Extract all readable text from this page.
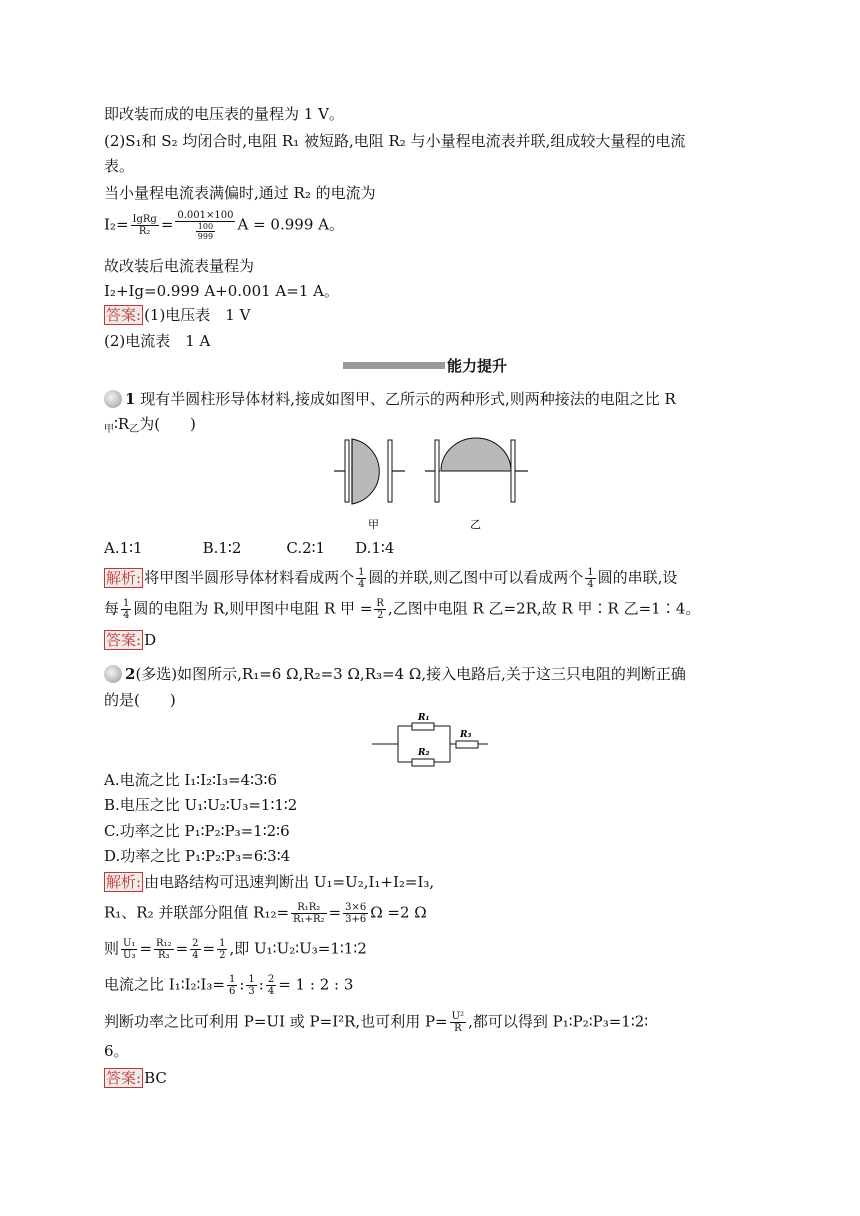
即改装而成的电压表的量程为 1 V。
(2)S₁和 S₂ 均闭合时,电阻 R₁ 被短路,电阻 R₂ 与小量程电流表并联,组成较大量程的电流
表。
当小量程电流表满偏时,通过 R₂ 的电流为
$I_2= \frac{\text{IgRg}}{\text{R₂}} = \frac{0.001\times 100}{\frac{100}{999}}$ A = 0.999 A。
故改装后电流表量程为
I₂+Ig=0.999 A+0.001 A=1 A。
答案: (1)电压表　1 V
(2)电流表　1 A
能力提升
1 现有半圆柱形导体材料,接成如图甲、乙所示的两种形式,则两种接法的电阻之比 R
$_甲∶R_乙$为(　　)
甲	乙
A.1∶1　　　　B.1∶2　　　C.2∶1　　D.1∶4
解析: 将甲图半圆形导体材料看成两个 $\frac{1}{4}$ 圆的并联,则乙图中可以看成两个 $\frac{1}{4}$ 圆的串联,设
每 $\frac{1}{4}$ 圆的电阻为 R,则甲图中电阻 R 甲 = $\frac{R}{2}$ ,乙图中电阻 R 乙=2R,故 R 甲∶R 乙=1∶4。
答案: D
2(多选)如图所示,R₁=6 Ω,R₂=3 Ω,R₃=4 Ω,接入电路后,关于这三只电阻的判断正确
的是(　　)
R₁
R₂
R₃
A.电流之比 I₁∶I₂∶I₃=4∶3∶6
B.电压之比 U₁∶U₂∶U₃=1∶1∶2
C.功率之比 P₁∶P₂∶P₃=1∶2∶6
D.功率之比 P₁∶P₂∶P₃=6∶3∶4
解析: 由电路结构可迅速判断出 U₁=U₂,I₁+I₂=I₃,
R₁、R₂ 并联部分阻值 $R_{12}= \frac{\text{R₁R₂}}{\text{R₁+R₂}} = \frac{3\times 6}{3+6}$ Ω =2 Ω
则 $\frac{\text{U₁}}{\text{U₃}} = \frac{\text{R₁₂}}{\text{R₃}} = \frac{2}{4} = \frac{1}{2}$ ,即 U₁∶U₂∶U₃=1∶1∶2
电流之比 I₁∶I₂∶I₃= $\frac{1}{6}$ : $\frac{1}{3}$ : $\frac{2}{4} = 1$ : 2 : 3
判断功率之比可利用 P=UI 或 P=I²R,也可利用 $P= \frac{\text{U²}}{R}$ ,都可以得到 P₁∶P₂∶P₃=1∶2∶
6。
答案: BC
